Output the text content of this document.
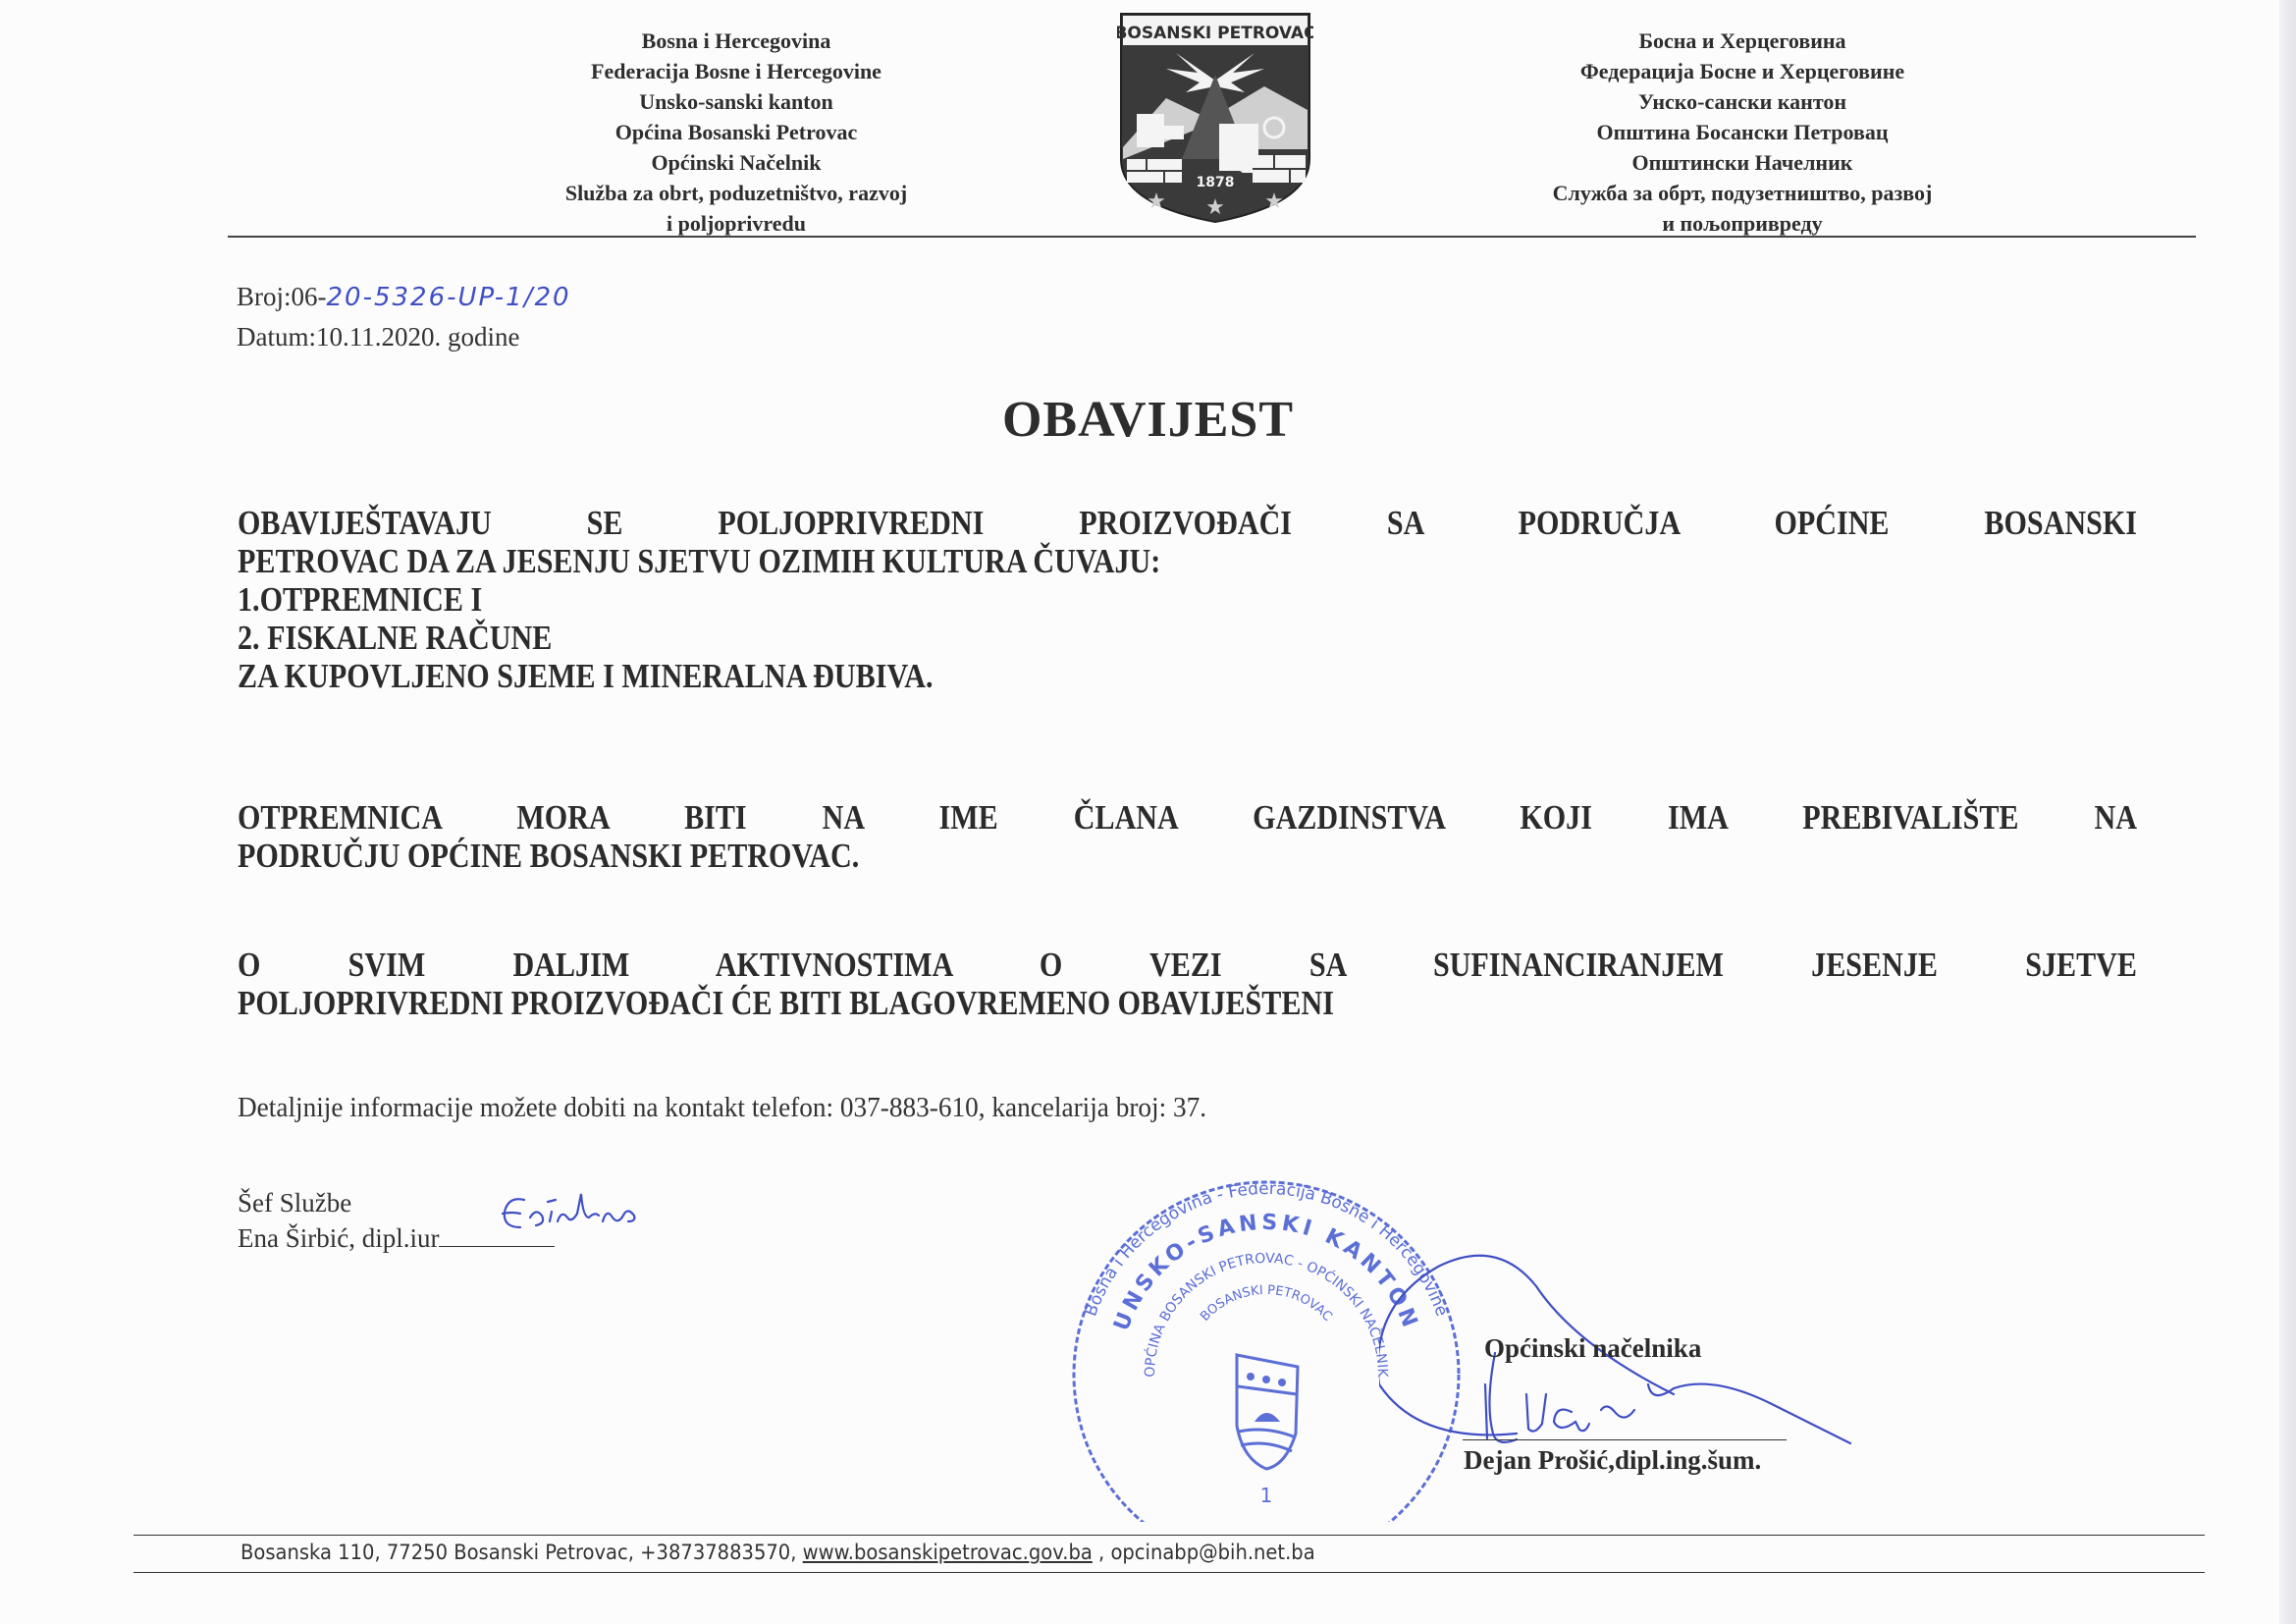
Bosna i Hercegovina
Federacija Bosne i Hercegovine
Unsko-sanski kanton
Općina Bosanski Petrovac
Općinski Načelnik
Služba za obrt, poduzetništvo, razvoj
i poljoprivredu
BOSANSKI PETROVAC
1878
★ ★ ★
Босна и Херцеговина
Федерација Босне и Херцеговине
Унско-сански кантон
Општина Босански Петровац
Општински Начелник
Служба за обрт, подузетништво, развој
и пољопривреду
Broj:06-20-5326-UP-1/20
Datum:10.11.2020. godine
OBAVIJEST
OBAVIJEŠTAVAJU SE POLJOPRIVREDNI PROIZVOĐAČI SA PODRUČJA OPĆINE BOSANSKI
PETROVAC DA ZA JESENJU SJETVU OZIMIH KULTURA ČUVAJU:
1.OTPREMNICE I
2. FISKALNE RAČUNE
ZA KUPOVLJENO SJEME I MINERALNA ĐUBIVA.
OTPREMNICA MORA BITI NA IME ČLANA GAZDINSTVA KOJI IMA PREBIVALIŠTE NA
PODRUČJU OPĆINE BOSANSKI PETROVAC.
O SVIM DALJIM AKTIVNOSTIMA O VEZI SA SUFINANCIRANJEM JESENJE SJETVE
POLJOPRIVREDNI PROIZVOĐAČI ĆE BITI BLAGOVREMENO OBAVIJEŠTENI
Detaljnije informacije možete dobiti na kontakt telefon: 037-883-610, kancelarija broj: 37.
Šef Službe
Ena Širbić, dipl.iur
Bosna i Hercegovina - Federacija Bosne i Hercegovine
UNSKO-SANSKI KANTON
OPĆINA BOSANSKI PETROVAC - OPĆINSKI NAČELNIK
BOSANSKI PETROVAC
1
Općinski načelnika
Dejan Prošić,dipl.ing.šum.
Bosanska 110, 77250 Bosanski Petrovac, +38737883570, www.bosanskipetrovac.gov.ba , opcinabp@bih.net.ba
